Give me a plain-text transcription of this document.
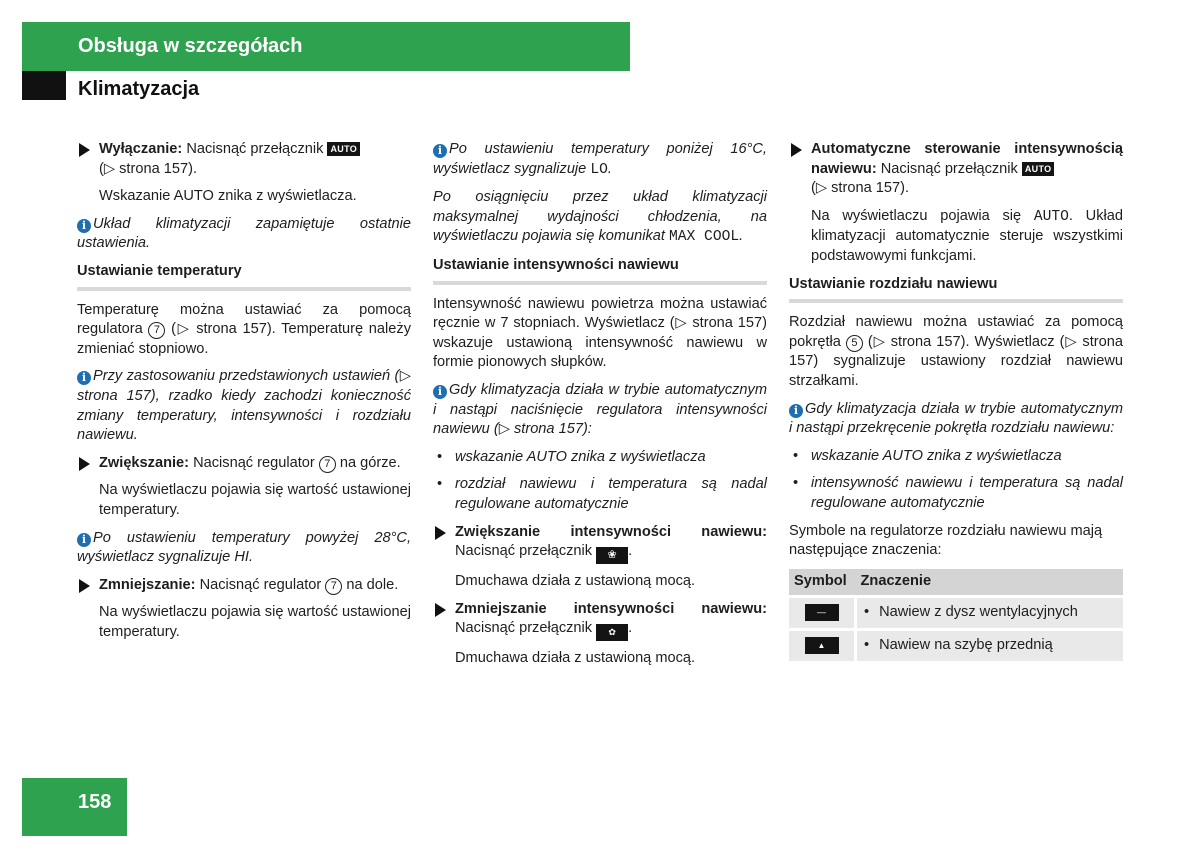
Obsługa w szczegółach
Klimatyzacja
Wyłączanie: Nacisnąć przełącznik AUTO
(▷ strona 157).
Wskazanie AUTO znika z wyświetlacza.
i Układ klimatyzacji zapamiętuje ostatnie ustawienia.
Ustawianie temperatury

Temperaturę można ustawiać za pomocą regulatora 7 (▷ strona 157). Temperaturę należy zmieniać stopniowo.

i Przy zastosowaniu przedstawionych ustawień (▷ strona 157), rzadko kiedy zachodzi konieczność zmiany temperatury, intensywności i rozdziału nawiewu.
Zwiększanie: Nacisnąć regulator 7 na górze.
Na wyświetlaczu pojawia się wartość ustawionej temperatury.
i Po ustawieniu temperatury powyżej 28°C, wyświetlacz sygnalizuje HI.
Zmniejszanie: Nacisnąć regulator 7 na dole.
Na wyświetlaczu pojawia się wartość ustawionej temperatury.
i Po ustawieniu temperatury poniżej 16°C, wyświetlacz sygnalizuje LO.
Po osiągnięciu przez układ klimatyzacji maksymalnej wydajności chłodzenia, na wyświetlaczu pojawia się komunikat MAX COOL.
Ustawianie intensywności nawiewu

Intensywność nawiewu powietrza można ustawiać ręcznie w 7 stopniach. Wyświetlacz (▷ strona 157) wskazuje ustawioną intensywność nawiewu w formie pionowych słupków.

i Gdy klimatyzacja działa w trybie automatycznym i nastąpi naciśnięcie regulatora intensywności nawiewu (▷ strona 157):
• wskazanie AUTO znika z wyświetlacza
• rozdział nawiewu i temperatura są nadal regulowane automatycznie
Zwiększanie intensywności nawiewu: Nacisnąć przełącznik ❀ .
Dmuchawa działa z ustawioną mocą.
Zmniejszanie intensywności nawiewu: Nacisnąć przełącznik ✿ .
Dmuchawa działa z ustawioną mocą.
Automatyczne sterowanie intensywnością nawiewu: Nacisnąć przełącznik AUTO
(▷ strona 157).
Na wyświetlaczu pojawia się AUTO. Układ klimatyzacji automatycznie steruje wszystkimi podstawowymi funkcjami.
Ustawianie rozdziału nawiewu

Rozdział nawiewu można ustawiać za pomocą pokrętła 5 (▷ strona 157). Wyświetlacz (▷ strona 157) sygnalizuje ustawiony rozdział nawiewu strzałkami.

i Gdy klimatyzacja działa w trybie automatycznym i nastąpi przekręcenie pokrętła rozdziału nawiewu:
• wskazanie AUTO znika z wyświetlacza
• intensywność nawiewu i temperatura są nadal regulowane automatycznie

Symbole na regulatorze rozdziału nawiewu mają następujące znaczenia:

Symbol	Znaczenie
—	• Nawiew z dysz wentylacyjnych
▲	• Nawiew na szybę przednią
158
